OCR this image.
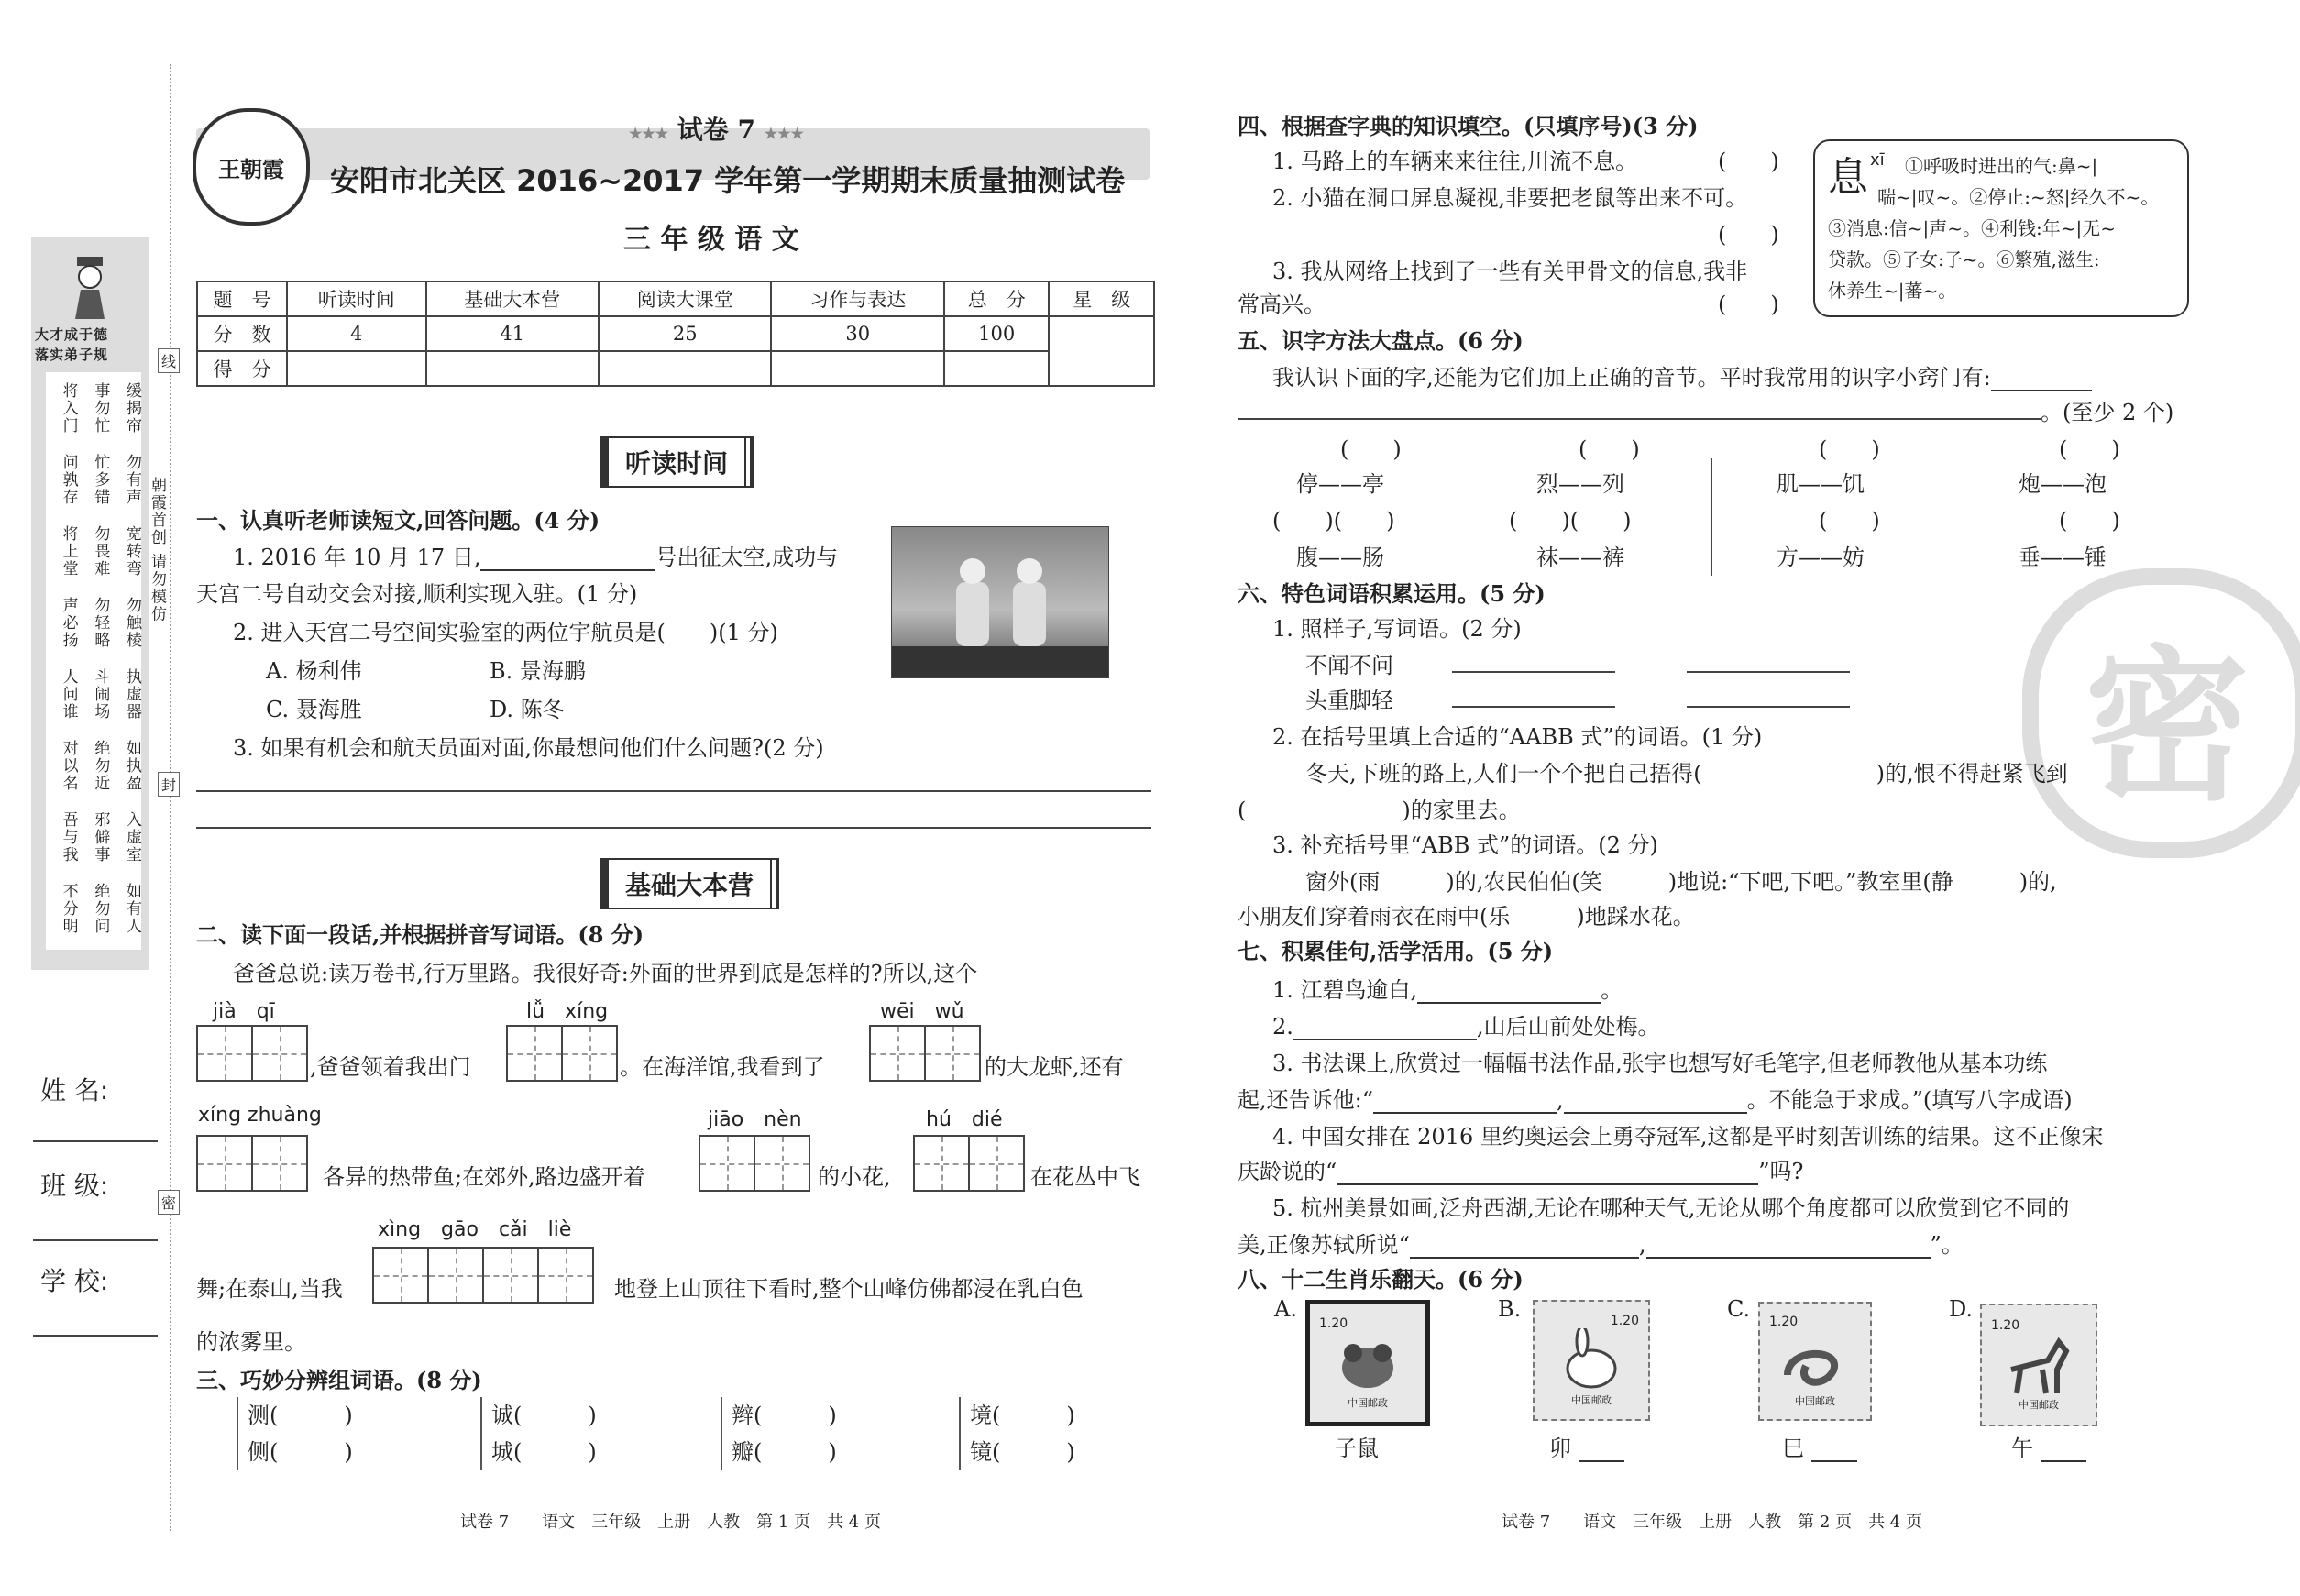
大才成于德
落实弟子规
将入门 事勿忙 缓揭帘
问孰存 忙多错 勿有声
将上堂 勿畏难 宽转弯
声必扬 勿轻略 勿触棱
人问谁 斗闹场 执虚器
对以名 绝勿近 如执盈
吾与我 邪僻事 入虚室
不分明 绝勿问 如有人
朝霞首创 请勿模仿
线
封
密
姓 名:
班 级:
学 校:
王朝霞
★★★ 试卷 7 ★★★
安阳市北关区 2016~2017 学年第一学期期末质量抽测试卷
三 年 级 语 文
题　号	听读时间	基础大本营	阅读大课堂	习作与表达	总　分	星　级
分　数	4	41	25	30	100	
得　分						
听读时间
一、认真听老师读短文,回答问题。(4 分)
1. 2016 年 10 月 17 日,	号出征太空,成功与
天宫二号自动交会对接,顺利实现入驻。(1 分)
2. 进入天宫二号空间实验室的两位宇航员是(　　)(1 分)
A. 杨利伟	B. 景海鹏
C. 聂海胜	D. 陈冬
3. 如果有机会和航天员面对面,你最想问他们什么问题?(2 分)
基础大本营
二、读下面一段话,并根据拼音写词语。(8 分)
爸爸总说:读万卷书,行万里路。我很好奇:外面的世界到底是怎样的?所以,这个
jià　qī
,爸爸领着我出门
lǚ　xíng
。在海洋馆,我看到了
wēi　wǔ
的大龙虾,还有
xíng zhuàng
各异的热带鱼;在郊外,路边盛开着
jiāo　nèn
的小花,
hú　dié
在花丛中飞
xìng　gāo　cǎi　liè
舞;在泰山,当我	地登上山顶往下看时,整个山峰仿佛都浸在乳白色
的浓雾里。
三、巧妙分辨组词语。(8 分)
测(　　　)
侧(　　　)
诚(　　　)
城(　　　)
辫(　　　)
瓣(　　　)
境(　　　)
镜(　　　)
试卷 7　　语文　三年级　上册　人教　第 1 页　共 4 页
密
四、根据查字典的知识填空。(只填序号)(3 分)
1. 马路上的车辆来来往往,川流不息。	(　　)
2. 小猫在洞口屏息凝视,非要把老鼠等出来不可。
(　　)
3. 我从网络上找到了一些有关甲骨文的信息,我非
常高兴。	(　　)
xī
息	①呼吸时进出的气:鼻~|
喘~|叹~。②停止:~怒|经久不~。
③消息:信~|声~。④利钱:年~|无~
贷款。⑤子女:子~。⑥繁殖,滋生:
休养生~|蕃~。
五、识字方法大盘点。(6 分)
我认识下面的字,还能为它们加上正确的音节。平时我常用的识字小窍门有:
。(至少 2 个)
(　　)
停——亭
(　　)
烈——列
(　　)
肌——饥
(　　)
炮——泡
(　　)(　　)
腹——肠
(　　)(　　)
袜——裤
(　　)
方——妨
(　　)
垂——锤
六、特色词语积累运用。(5 分)
1. 照样子,写词语。(2 分)
不闻不问
头重脚轻
2. 在括号里填上合适的“AABB 式”的词语。(1 分)
冬天,下班的路上,人们一个个把自己捂得(	)的,恨不得赶紧飞到
(	)的家里去。
3. 补充括号里“ABB 式”的词语。(2 分)
窗外(雨　　　)的,农民伯伯(笑　　　)地说:“下吧,下吧。”教室里(静　　　)的,
小朋友们穿着雨衣在雨中(乐　　　)地踩水花。
七、积累佳句,活学活用。(5 分)
1. 江碧鸟逾白,	。
2.	,山后山前处处梅。
3. 书法课上,欣赏过一幅幅书法作品,张宇也想写好毛笔字,但老师教他从基本功练
起,还告诉他:“	,	。不能急于求成。”(填写八字成语)
4. 中国女排在 2016 里约奥运会上勇夺冠军,这都是平时刻苦训练的结果。这不正像宋
庆龄说的“	”吗?
5. 杭州美景如画,泛舟西湖,无论在哪种天气,无论从哪个角度都可以欣赏到它不同的
美,正像苏轼所说“	,	”。
八、十二生肖乐翻天。(6 分)
A.
1.20
中国邮政
子鼠
B.	1.20
中国邮政
卯
C. 1.20
中国邮政
巳
D.
1.20
中国邮政
午
试卷 7　　语文　三年级　上册　人教　第 2 页　共 4 页
